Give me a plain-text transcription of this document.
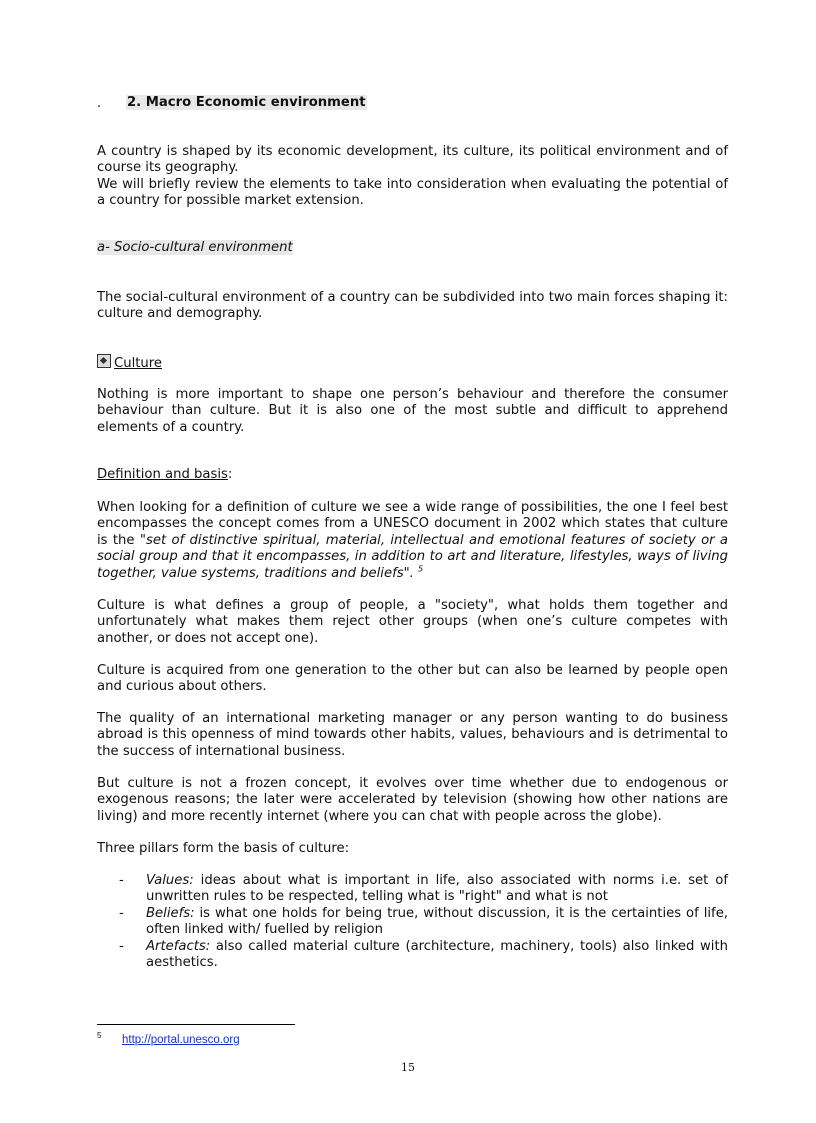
. 2. Macro Economic environment

A country is shaped by its economic development, its culture, its political environment and of course its geography.

We will briefly review the elements to take into consideration when evaluating the potential of a country for possible market extension.

a- Socio-cultural environment

The social-cultural environment of a country can be subdivided into two main forces shaping it: culture and demography.

Culture

Nothing is more important to shape one person’s behaviour and therefore the consumer behaviour than culture. But it is also one of the most subtle and difficult to apprehend elements of a country.

Definition and basis:

When looking for a definition of culture we see a wide range of possibilities, the one I feel best encompasses the concept comes from a UNESCO document in 2002 which states that culture is the "set of distinctive spiritual, material, intellectual and emotional features of society or a social group and that it encompasses, in addition to art and literature, lifestyles, ways of living together, value systems, traditions and beliefs". $^5$

Culture is what defines a group of people, a "society", what holds them together and unfortunately what makes them reject other groups (when one’s culture competes with another, or does not accept one).

Culture is acquired from one generation to the other but can also be learned by people open and curious about others.

The quality of an international marketing manager or any person wanting to do business abroad is this openness of mind towards other habits, values, behaviours and is detrimental to the success of international business.

But culture is not a frozen concept, it evolves over time whether due to endogenous or exogenous reasons; the later were accelerated by television (showing how other nations are living) and more recently internet (where you can chat with people across the globe).

Three pillars form the basis of culture:

- Values: ideas about what is important in life, also associated with norms i.e. set of unwritten rules to be respected, telling what is "right" and what is not
- Beliefs: is what one holds for being true, without discussion, it is the certainties of life, often linked with/ fuelled by religion
- Artefacts: also called material culture (architecture, machinery, tools) also linked with aesthetics.
5 http://portal.unesco.org
15
